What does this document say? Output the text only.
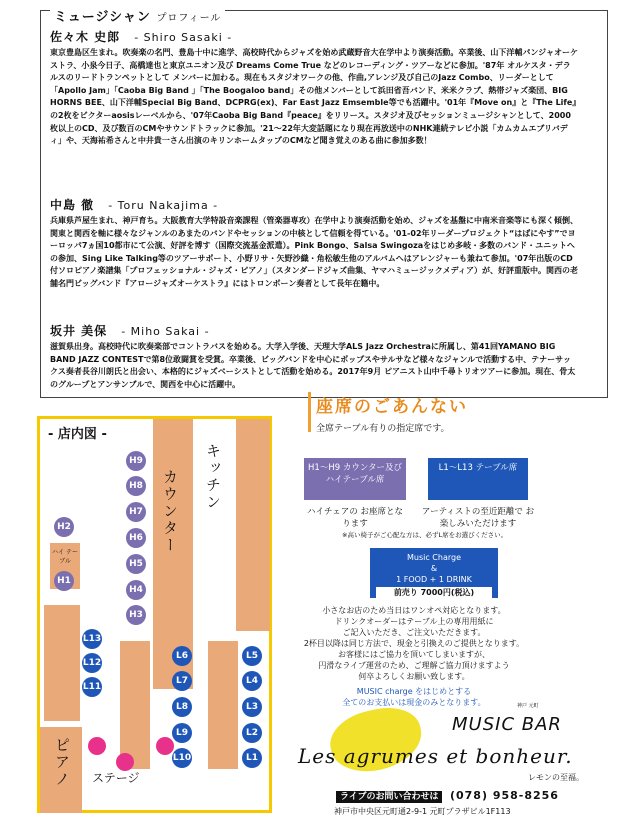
ミュージシャン プロフィール
佐々木 史郎 - Shiro Sasaki -

東京豊島区生まれ。吹奏楽の名門、豊島十中に進学、高校時代からジャズを始め武蔵野音大在学中より演奏活動。卒業後、山下洋輔パンジャオーケストラ、小泉今日子、高橋達也と東京ユニオン及び Dreams Come True などのレコーディング・ツアーなどに参加。'87年 オルケスタ・デラルスのリードトランペットとして メンバーに加わる。現在もスタジオワークの他、作曲,アレンジ及び自己のJazz Combo、リーダーとして「Apollo Jam」「Caoba Big Band 」「The Boogaloo band」その他メンバーとして浜田省吾バンド、米米クラブ、熱帯ジャズ楽団、BIG HORNS BEE、山下洋輔Special Big Band、DCPRG(ex)、Far East Jazz Emsemble等でも活躍中。'01年『Move on』と『The Life』の2枚をビクターaosisレーベルから、'07年Caoba Big Band『peace』をリリース。スタジオ及びセッションミュージシャンとして、2000枚以上のCD、及び数百のCMやサウンドトラックに参加。'21～22年大変話題になり現在再放送中のNHK連続テレビ小説「カムカムエブリバディ」や、天海祐希さんと中井貴一さん出演のキリンホームタップのCMなど聞き覚えのある曲に参加多数！

中島 徹 - Toru Nakajima -

兵庫県芦屋生まれ、神戸育ち。大阪教育大学特設音楽課程（管楽器専攻）在学中より演奏活動を始め、ジャズを基盤に中南米音楽等にも深く傾倒、関東と関西を軸に様々なジャンルのあまたのバンドやセッションの中核として信頼を得ている。'01-02年リーダープロジェクト“はばにやす”でヨーロッパ7ヵ国10都市にて公演、好評を博す（国際交流基金派遣）。Pink Bongo、Salsa Swingozaをはじめ多岐・多数のバンド・ユニットへの参加、Sing Like Talking等のツアーサポート、小野リサ・矢野沙織・角松敏生他のアルバムへはアレンジャーも兼ねて参加。'07年出版のCD付ソロピアノ楽譜集「プロフェッショナル・ジャズ・ピアノ」（スタンダードジャズ曲集、ヤマハミュージックメディア）が、好評重版中。関西の老舗名門ビッグバンド『アロージャズオーケストラ』にはトロンボーン奏者として長年在籍中。

坂井 美保 - Miho Sakai -

滋賀県出身。高校時代に吹奏楽部でコントラバスを始める。大学入学後、天理大学ALS Jazz Orchestraに所属し、第41回YAMANO BIG BAND JAZZ CONTESTで第8位敢闘賞を受賞。卒業後、ビッグバンドを中心にポップスやサルサなど様々なジャンルで活動する中、テナーサックス奏者長谷川朗氏と出会い、本格的にジャズベーシストとして活動を始める。2017年9月 ピアニスト山中千尋トリオツアーに参加。現在、骨太のグループとアンサンブルで、関西を中心に活躍中。

- 店内図 -
キッチン
カウンター
ハイ テーブル
ピアノ ステージ
H9
H8
H7
H6
H5
H4
H3
H2
H1
L13
L12
L11
L6
L7
L8
L9
L10
L5
L4
L3
L2
L1
座席のごあんない
全席テーブル有りの指定席です。
H1～H9 カウンター及び ハイテーブル席
ハイチェアの お座席となります
L1～L13 テーブル席
アーティストの至近距離で お楽しみいただけます
※高い椅子がご心配な方は、必ずL席をお選びください。
Music Charge
&
1 FOOD + 1 DRINK
前売り 7000円(税込)
小さなお店のため当日はワンオペ対応となります。
ドリンクオーダーはテーブル上の専用用紙に
ご記入いただき、ご注文いただきます。
2杯目以降は同じ方法で、現金と引換えのご提供となります。
お客様にはご協力を頂いてしまいますが、
円滑なライブ運営のため、ご理解ご協力頂けますよう
何卒よろしくお願い致します。
MUSIC charge をはじめとする
全てのお支払いは現金のみとなります。	神戸 元町
MUSIC BAR
Les agrumes et bonheur.
レモンの至福。
ライブのお問い合わせは (078) 958-8256
神戸市中央区元町通2-9-1 元町プラザビル1F113
